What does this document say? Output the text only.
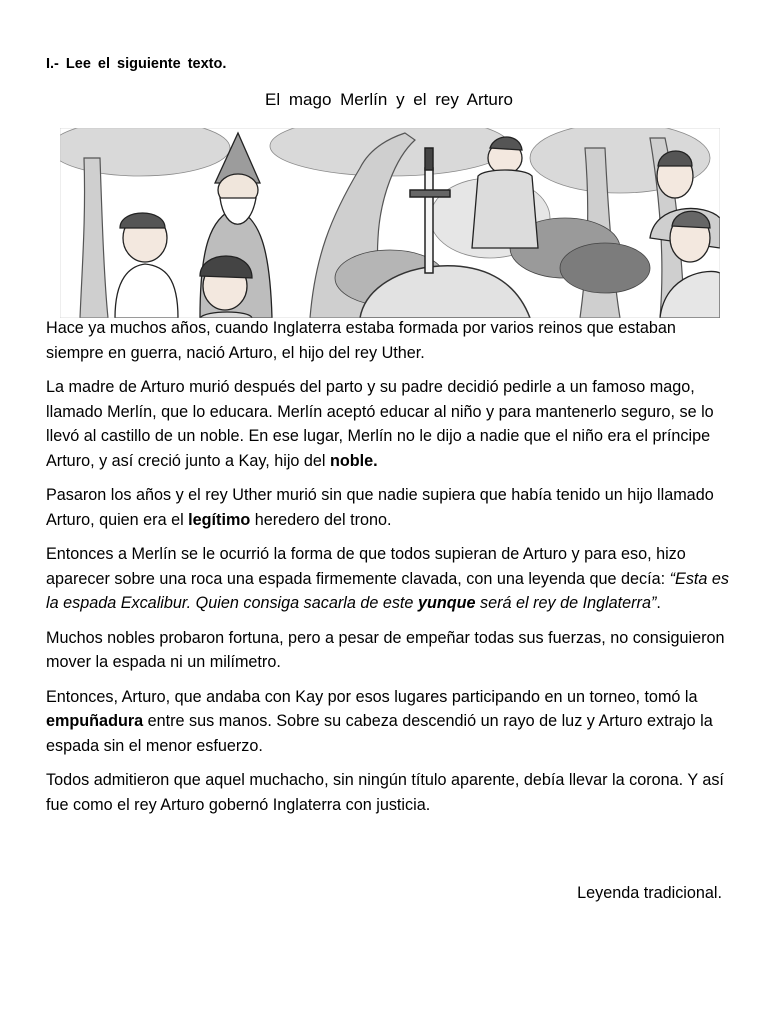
I.- Lee el siguiente texto.

El mago Merlín y el rey Arturo

Hace ya muchos años, cuando Inglaterra estaba formada por varios reinos que estaban siempre en guerra, nació Arturo, el hijo del rey Uther.

La madre de Arturo murió después del parto y su padre decidió pedirle a un famoso mago, llamado Merlín, que lo educara. Merlín aceptó educar al niño y para mantenerlo seguro, se lo llevó al castillo de un noble. En ese lugar, Merlín no le dijo a nadie que el niño era el príncipe Arturo, y así creció junto a Kay, hijo del noble.

Pasaron los años y el rey Uther murió sin que nadie supiera que había tenido un hijo llamado Arturo, quien era el legítimo heredero del trono.

Entonces a Merlín se le ocurrió la forma de que todos supieran de Arturo y para eso, hizo aparecer sobre una roca una espada firmemente clavada, con una leyenda que decía: “Esta es la espada Excalibur. Quien consiga sacarla de este yunque será el rey de Inglaterra”.

Muchos nobles probaron fortuna, pero a pesar de empeñar todas sus fuerzas, no consiguieron mover la espada ni un milímetro.

Entonces, Arturo, que andaba con Kay por esos lugares participando en un torneo, tomó la empuñadura entre sus manos. Sobre su cabeza descendió un rayo de luz y Arturo extrajo la espada sin el menor esfuerzo.

Todos admitieron que aquel muchacho, sin ningún título aparente, debía llevar la corona. Y así fue como el rey Arturo gobernó Inglaterra con justicia.

Leyenda tradicional.
